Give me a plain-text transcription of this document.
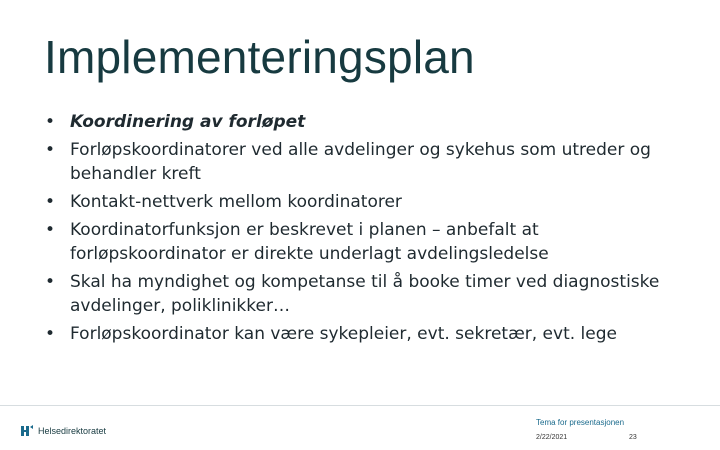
Implementeringsplan
• Koordinering av forløpet
• Forløpskoordinatorer ved alle avdelinger og sykehus som utreder og behandler kreft
• Kontakt-nettverk mellom koordinatorer
• Koordinatorfunksjon er beskrevet i planen – anbefalt at forløpskoordinator er direkte underlagt avdelingsledelse
• Skal ha myndighet og kompetanse til å booke timer ved diagnostiske avdelinger, poliklinikker…
• Forløpskoordinator kan være sykepleier, evt. sekretær, evt. lege
Helsedirektoratet
Tema for presentasjonen
2/22/2021	23
